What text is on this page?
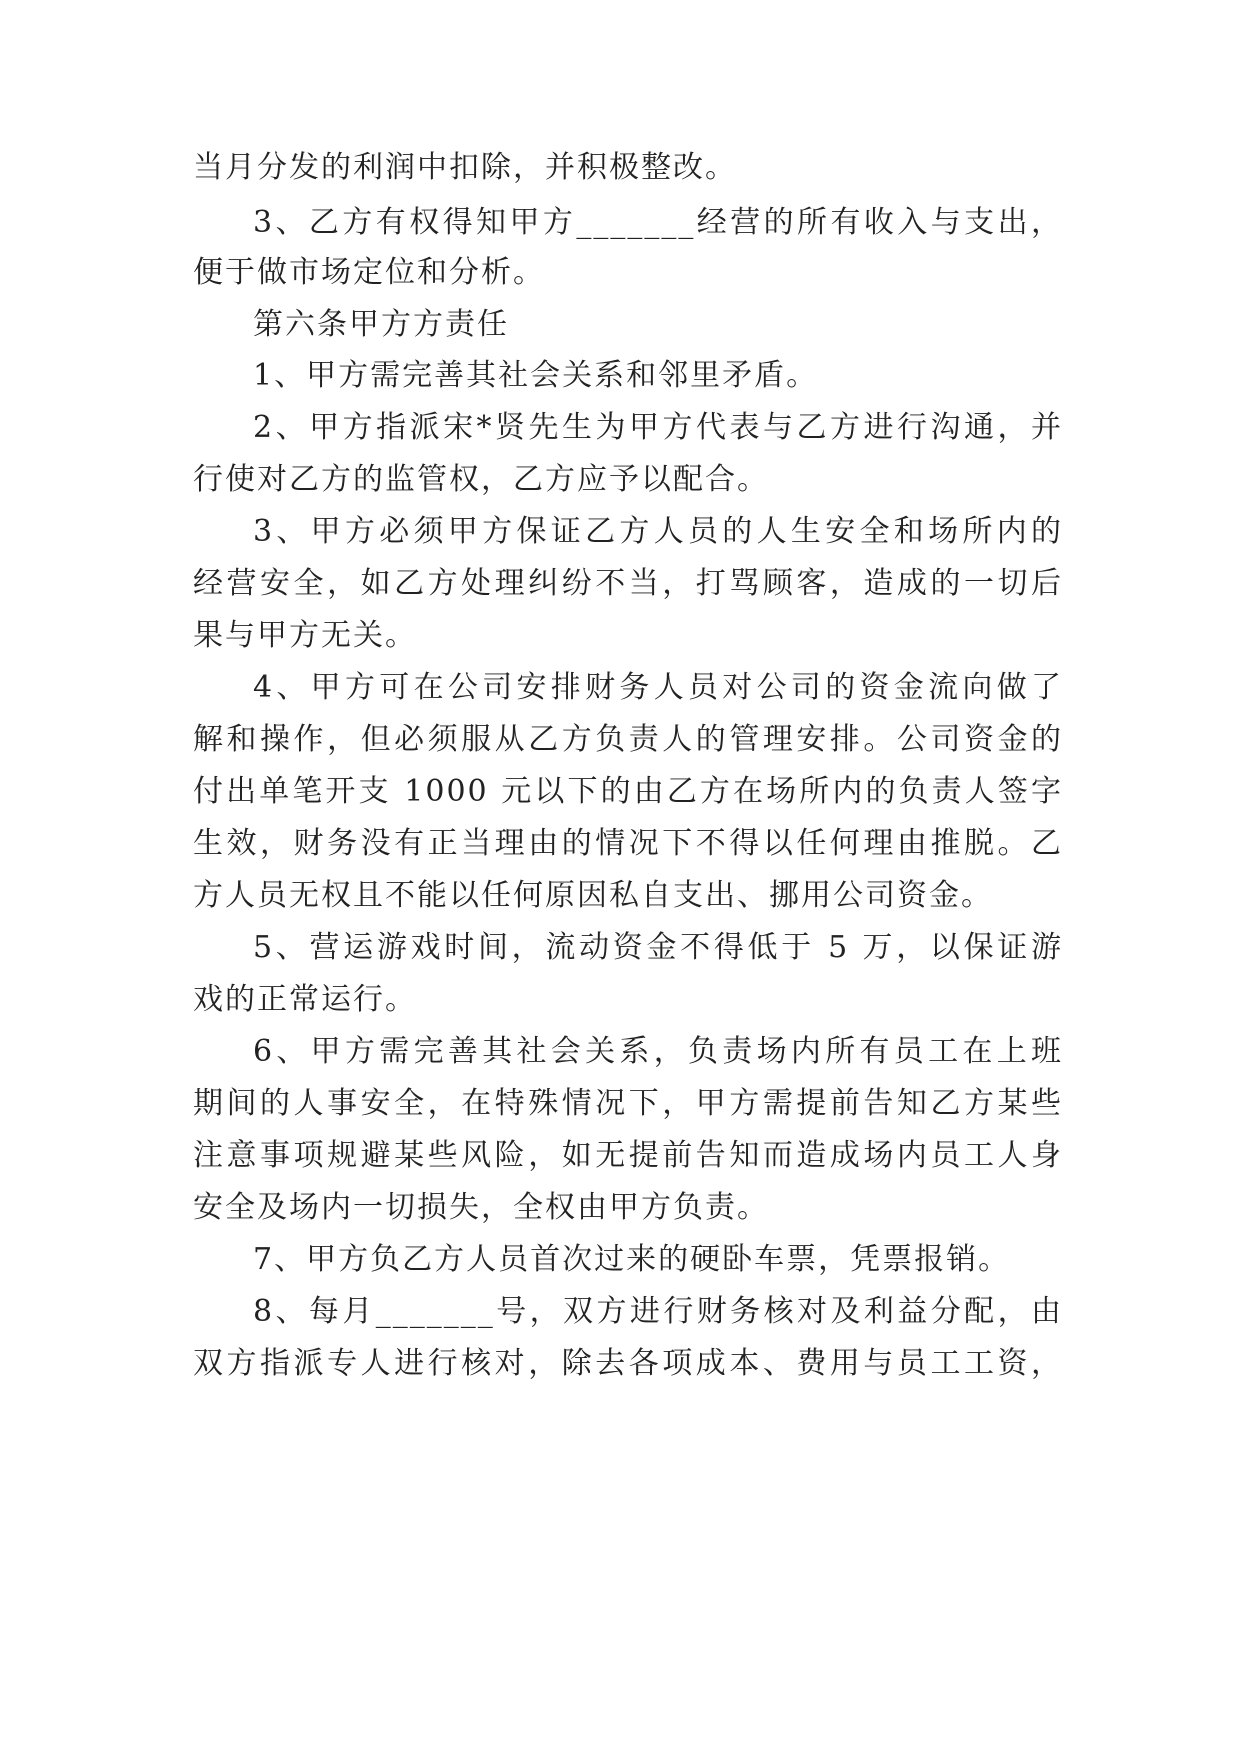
当月分发的利润中扣除，并积极整改。
3、乙方有权得知甲方_______经营的所有收入与支出，
便于做市场定位和分析。
第六条甲方方责任
1、甲方需完善其社会关系和邻里矛盾。
2、甲方指派宋*贤先生为甲方代表与乙方进行沟通，并
行使对乙方的监管权，乙方应予以配合。
3、甲方必须甲方保证乙方人员的人生安全和场所内的
经营安全，如乙方处理纠纷不当，打骂顾客，造成的一切后
果与甲方无关。
4、甲方可在公司安排财务人员对公司的资金流向做了
解和操作，但必须服从乙方负责人的管理安排。公司资金的
付出单笔开支 1000 元以下的由乙方在场所内的负责人签字
生效，财务没有正当理由的情况下不得以任何理由推脱。乙
方人员无权且不能以任何原因私自支出、挪用公司资金。
5、营运游戏时间，流动资金不得低于 5 万，以保证游
戏的正常运行。
6、甲方需完善其社会关系，负责场内所有员工在上班
期间的人事安全，在特殊情况下，甲方需提前告知乙方某些
注意事项规避某些风险，如无提前告知而造成场内员工人身
安全及场内一切损失，全权由甲方负责。
7、甲方负乙方人员首次过来的硬卧车票，凭票报销。
8、每月_______号，双方进行财务核对及利益分配，由
双方指派专人进行核对，除去各项成本、费用与员工工资，
